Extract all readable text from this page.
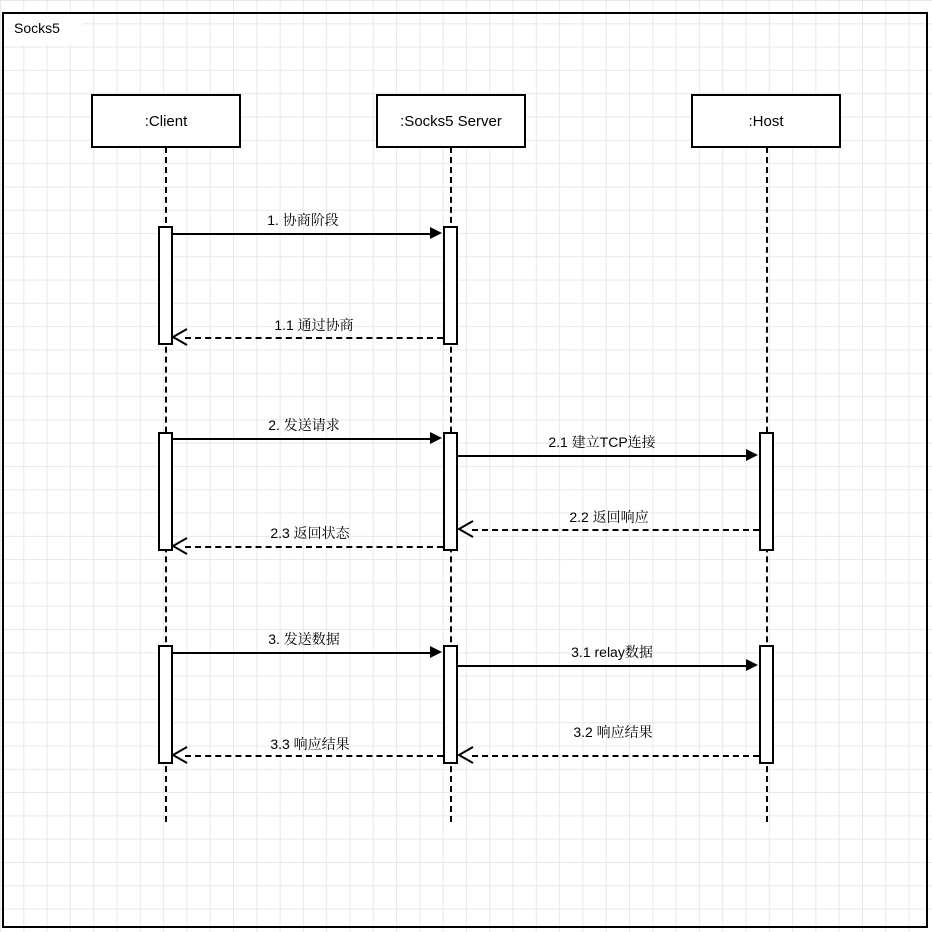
Socks5
:Client	:Socks5 Server	:Host
1. 协商阶段
1.1 通过协商
2. 发送请求
2.1 建立TCP连接
2.2 返回响应
2.3 返回状态
3. 发送数据
3.1 relay数据
3.2 响应结果
3.3 响应结果
